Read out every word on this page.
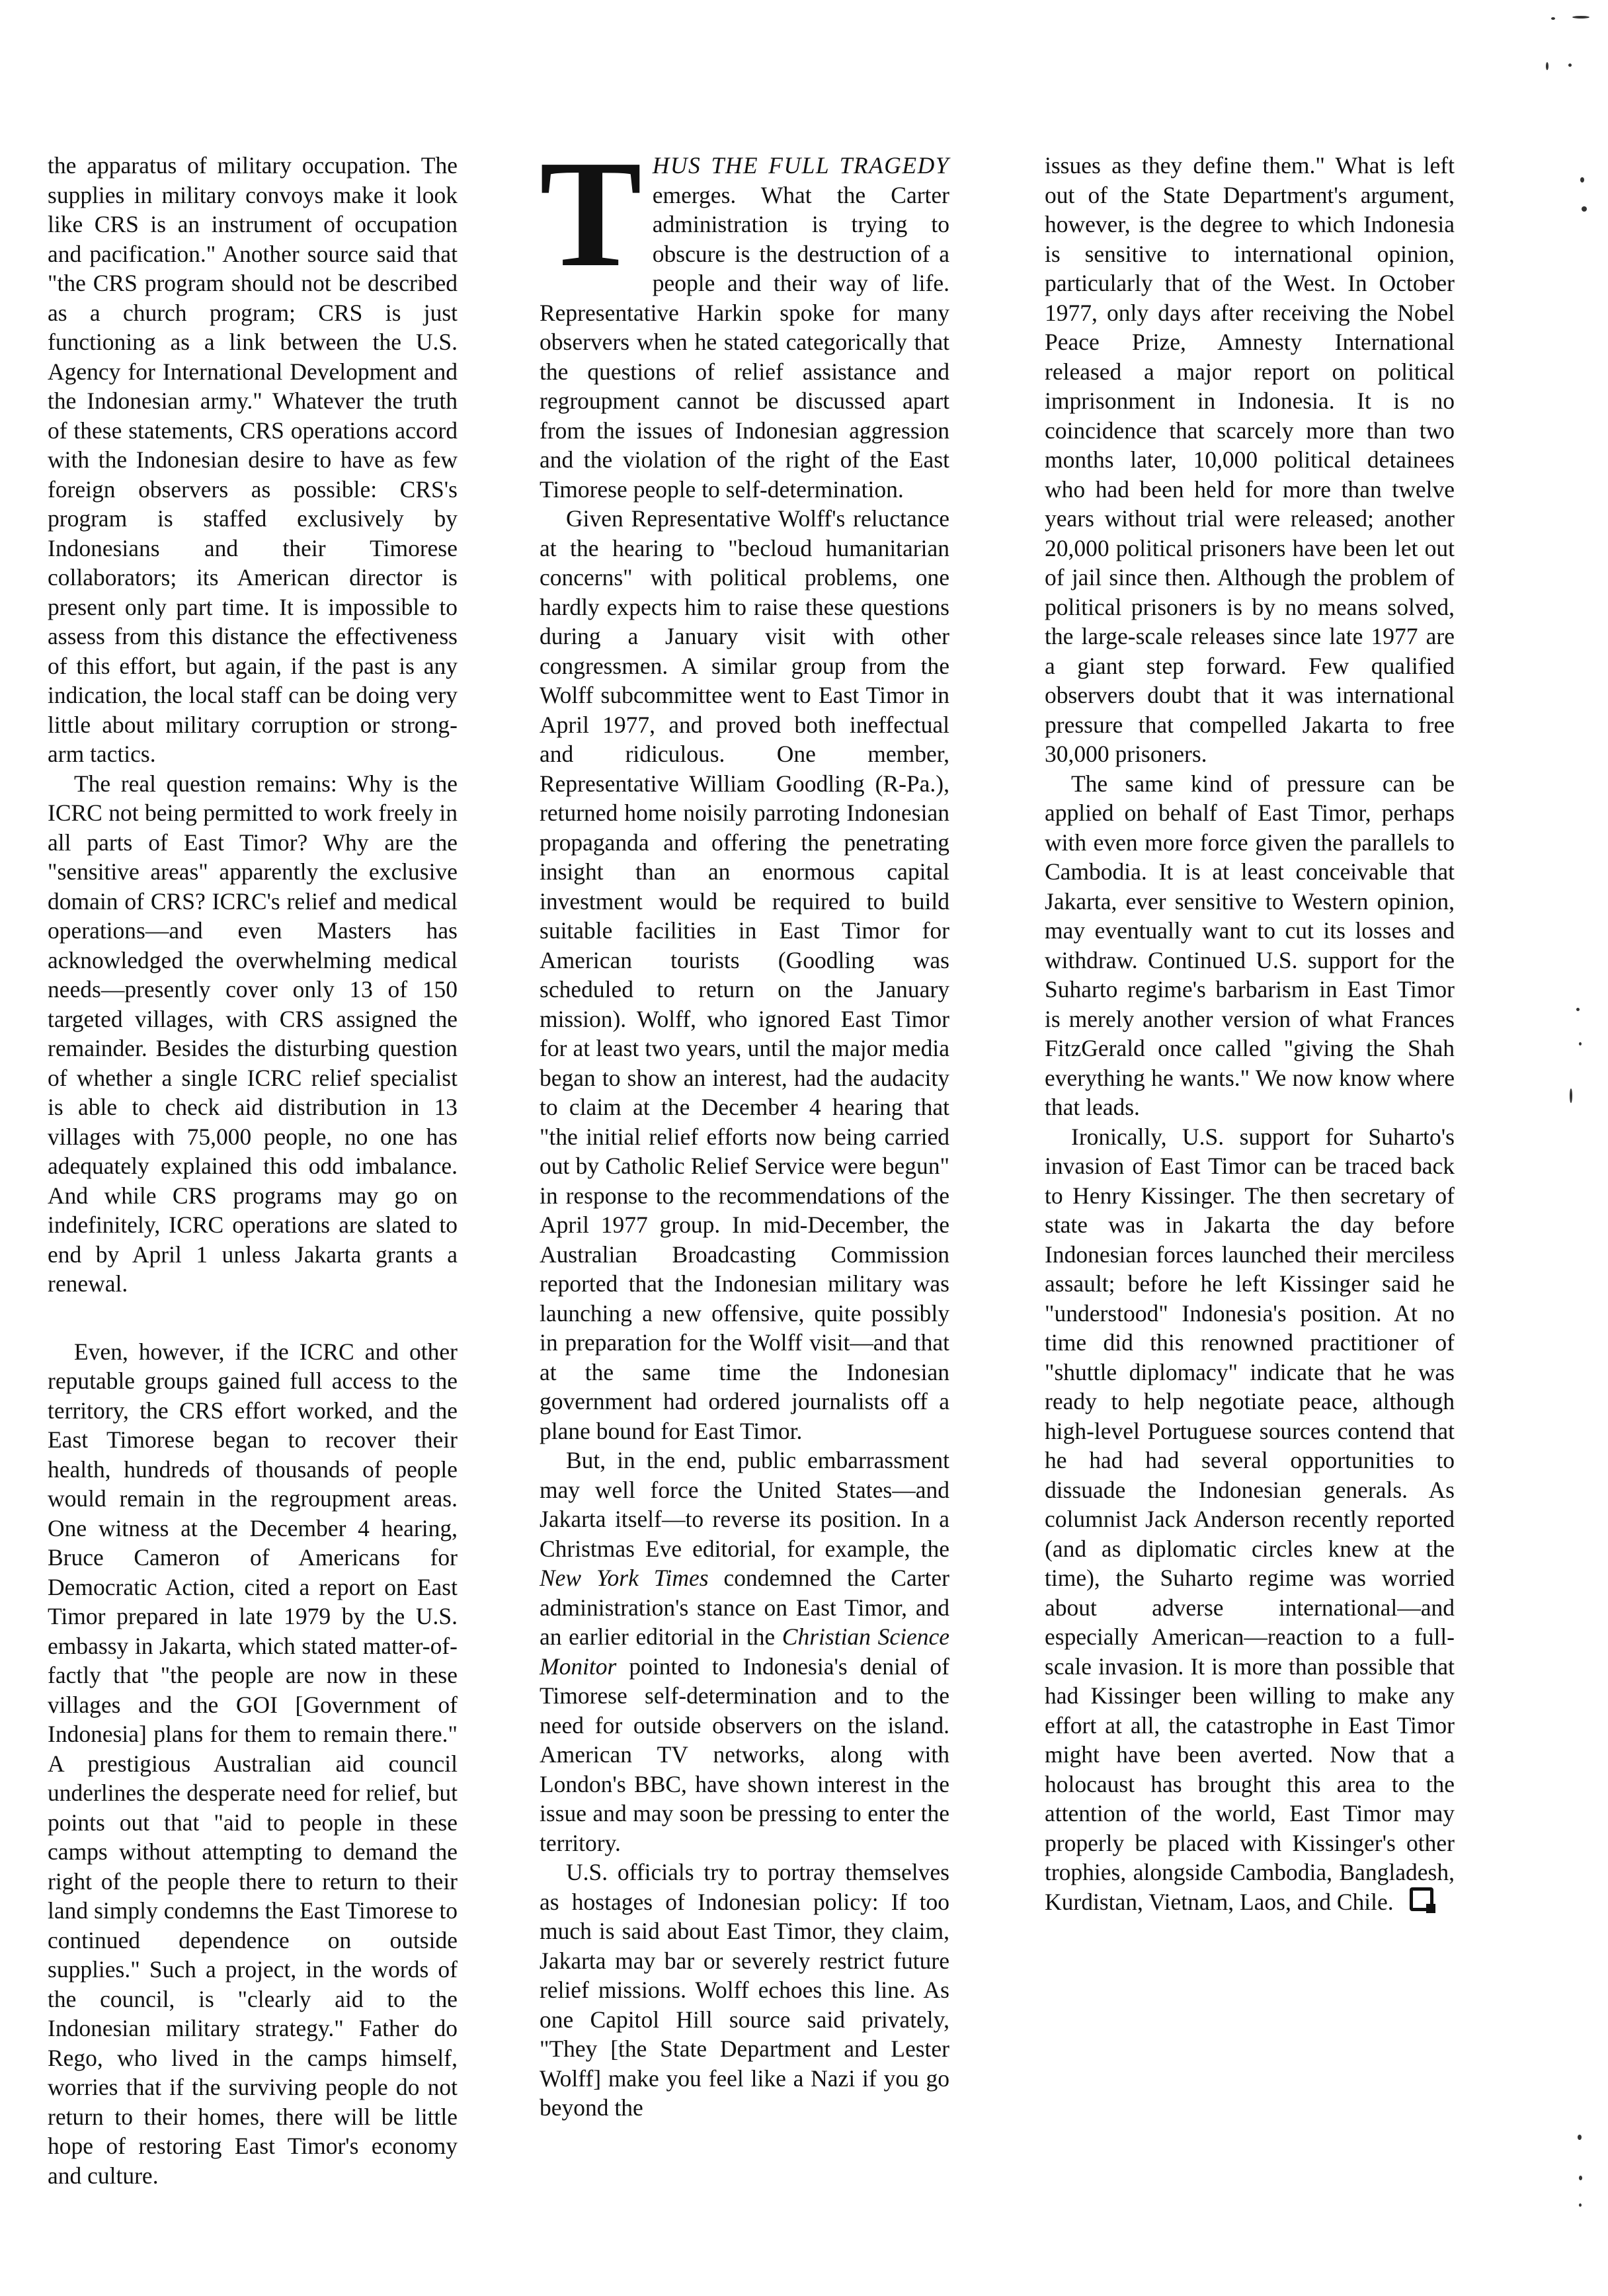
the apparatus of military occupation. The supplies in military convoys make it look like CRS is an instrument of occupation and pacification." Another source said that "the CRS program should not be described as a church program; CRS is just functioning as a link between the U.S. Agency for International Development and the Indonesian army." Whatever the truth of these statements, CRS operations accord with the Indonesian desire to have as few foreign observers as possible: CRS's program is staffed exclusively by Indonesians and their Timorese collaborators; its American director is present only part time. It is impossible to assess from this distance the effectiveness of this effort, but again, if the past is any indication, the local staff can be doing very little about military corruption or strong-arm tactics.

The real question remains: Why is the ICRC not being permitted to work freely in all parts of East Timor? Why are the "sensitive areas" apparently the exclusive domain of CRS? ICRC's relief and medical operations—and even Masters has acknowledged the overwhelming medical needs—presently cover only 13 of 150 targeted villages, with CRS assigned the remainder. Besides the disturbing question of whether a single ICRC relief specialist is able to check aid distribution in 13 villages with 75,000 people, no one has adequately explained this odd imbalance. And while CRS programs may go on indefinitely, ICRC operations are slated to end by April 1 unless Jakarta grants a renewal.

Even, however, if the ICRC and other reputable groups gained full access to the territory, the CRS effort worked, and the East Timorese began to recover their health, hundreds of thousands of people would remain in the regroupment areas. One witness at the December 4 hearing, Bruce Cameron of Americans for Democratic Action, cited a report on East Timor prepared in late 1979 by the U.S. embassy in Jakarta, which stated matter-of-factly that "the people are now in these villages and the GOI [Government of Indonesia] plans for them to remain there." A prestigious Australian aid council underlines the desperate need for relief, but points out that "aid to people in these camps without attempting to demand the right of the people there to return to their land simply condemns the East Timorese to continued dependence on outside supplies." Such a project, in the words of the council, is "clearly aid to the Indonesian military strategy." Father do Rego, who lived in the camps himself, worries that if the surviving people do not return to their homes, there will be little hope of restoring East Timor's economy and culture.

THUS THE FULL TRAGEDY emerges. What the Carter administration is trying to obscure is the destruction of a people and their way of life. Representative Harkin spoke for many observers when he stated categorically that the questions of relief assistance and regroupment cannot be discussed apart from the issues of Indonesian aggression and the violation of the right of the East Timorese people to self-determination.

Given Representative Wolff's reluctance at the hearing to "becloud humanitarian concerns" with political problems, one hardly expects him to raise these questions during a January visit with other congressmen. A similar group from the Wolff subcommittee went to East Timor in April 1977, and proved both ineffectual and ridiculous. One member, Representative William Goodling (R-Pa.), returned home noisily parroting Indonesian propaganda and offering the penetrating insight than an enormous capital investment would be required to build suitable facilities in East Timor for American tourists (Goodling was scheduled to return on the January mission). Wolff, who ignored East Timor for at least two years, until the major media began to show an interest, had the audacity to claim at the December 4 hearing that "the initial relief efforts now being carried out by Catholic Relief Service were begun" in response to the recommendations of the April 1977 group. In mid-December, the Australian Broadcasting Commission reported that the Indonesian military was launching a new offensive, quite possibly in preparation for the Wolff visit—and that at the same time the Indonesian government had ordered journalists off a plane bound for East Timor.

But, in the end, public embarrassment may well force the United States—and Jakarta itself—to reverse its position. In a Christmas Eve editorial, for example, the New York Times condemned the Carter administration's stance on East Timor, and an earlier editorial in the Christian Science Monitor pointed to Indonesia's denial of Timorese self-determination and to the need for outside observers on the island. American TV networks, along with London's BBC, have shown interest in the issue and may soon be pressing to enter the territory.

U.S. officials try to portray themselves as hostages of Indonesian policy: If too much is said about East Timor, they claim, Jakarta may bar or severely restrict future relief missions. Wolff echoes this line. As one Capitol Hill source said privately, "They [the State Department and Lester Wolff] make you feel like a Nazi if you go beyond the

issues as they define them." What is left out of the State Department's argument, however, is the degree to which Indonesia is sensitive to international opinion, particularly that of the West. In October 1977, only days after receiving the Nobel Peace Prize, Amnesty International released a major report on political imprisonment in Indonesia. It is no coincidence that scarcely more than two months later, 10,000 political detainees who had been held for more than twelve years without trial were released; another 20,000 political prisoners have been let out of jail since then. Although the problem of political prisoners is by no means solved, the large-scale releases since late 1977 are a giant step forward. Few qualified observers doubt that it was international pressure that compelled Jakarta to free 30,000 prisoners.

The same kind of pressure can be applied on behalf of East Timor, perhaps with even more force given the parallels to Cambodia. It is at least conceivable that Jakarta, ever sensitive to Western opinion, may eventually want to cut its losses and withdraw. Continued U.S. support for the Suharto regime's barbarism in East Timor is merely another version of what Frances FitzGerald once called "giving the Shah everything he wants." We now know where that leads.

Ironically, U.S. support for Suharto's invasion of East Timor can be traced back to Henry Kissinger. The then secretary of state was in Jakarta the day before Indonesian forces launched their merciless assault; before he left Kissinger said he "understood" Indonesia's position. At no time did this renowned practitioner of "shuttle diplomacy" indicate that he was ready to help negotiate peace, although high-level Portuguese sources contend that he had had several opportunities to dissuade the Indonesian generals. As columnist Jack Anderson recently reported (and as diplomatic circles knew at the time), the Suharto regime was worried about adverse international—and especially American—reaction to a full-scale invasion. It is more than possible that had Kissinger been willing to make any effort at all, the catastrophe in East Timor might have been averted. Now that a holocaust has brought this area to the attention of the world, East Timor may properly be placed with Kissinger's other trophies, alongside Cambodia, Bangladesh, Kurdistan, Vietnam, Laos, and Chile.
